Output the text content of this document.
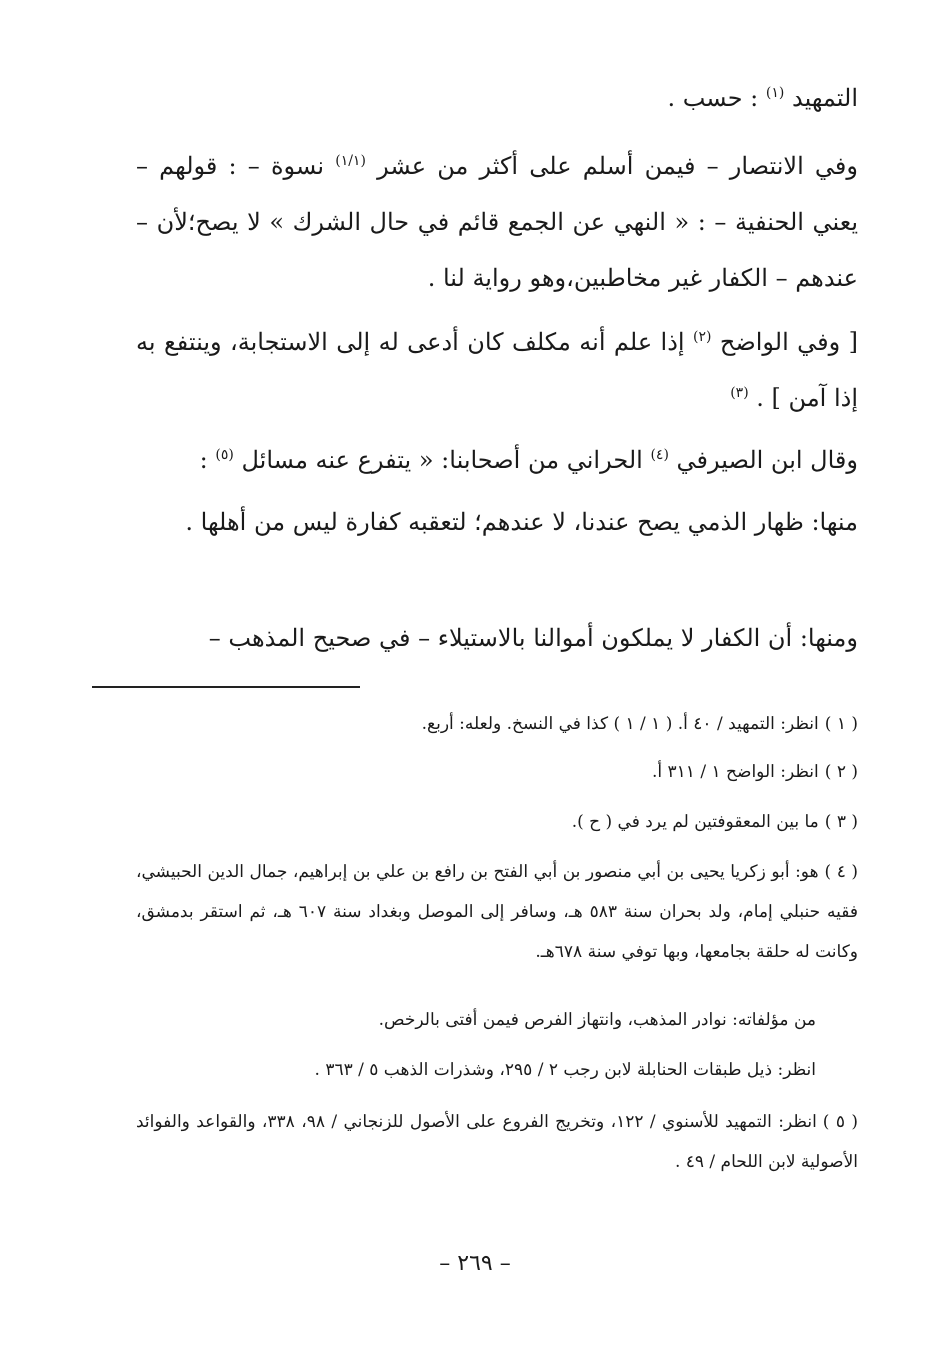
التمهيد $^{(١)}$ : حسب .

وفي الانتصار – فيمن أسلم على أكثر من عشر $^{(١/١)}$ نسوة – : قولهم – يعني الحنفية – : « النهي عن الجمع قائم في حال الشرك » لا يصح؛لأن – عندهم – الكفار غير مخاطبين،وهو رواية لنا .

[ وفي الواضح $^{(٢)}$ إذا علم أنه مكلف كان أدعى له إلى الاستجابة، وينتفع به إذا آمن ] . $^{(٣)}$

وقال ابن الصيرفي $^{(٤)}$ الحراني من أصحابنا: « يتفرع عنه مسائل $^{(٥)}$ :

منها: ظهار الذمي يصح عندنا، لا عندهم؛ لتعقبه كفارة ليس من أهلها .

ومنها: أن الكفار لا يملكون أموالنا بالاستيلاء – في صحيح المذهب –

( ١ )انظر: التمهيد / ٤٠ أ. ( ١ / ١ ) كذا في النسخ. ولعله: أربع.

( ٢ )انظر: الواضح ١ / ٣١١ أ.

( ٣ )ما بين المعقوفتين لم يرد في ( ح ).

( ٤ )هو: أبو زكريا يحيى بن أبي منصور بن أبي الفتح بن رافع بن علي بن إبراهيم، جمال الدين الحبيشي، فقيه حنبلي إمام، ولد بحران سنة ٥٨٣ هـ، وسافر إلى الموصل وبغداد سنة ٦٠٧ هـ، ثم استقر بدمشق، وكانت له حلقة بجامعها، وبها توفي سنة ٦٧٨هـ.

من مؤلفاته: نوادر المذهب، وانتهاز الفرص فيمن أفتى بالرخص.

انظر: ذيل طبقات الحنابلة لابن رجب ٢ / ٢٩٥، وشذرات الذهب ٥ / ٣٦٣ .

( ٥ )انظر: التمهيد للأسنوي / ١٢٢، وتخريج الفروع على الأصول للزنجاني / ٩٨، ٣٣٨، والقواعد والفوائد الأصولية لابن اللحام / ٤٩ .

– ٢٦٩ –
